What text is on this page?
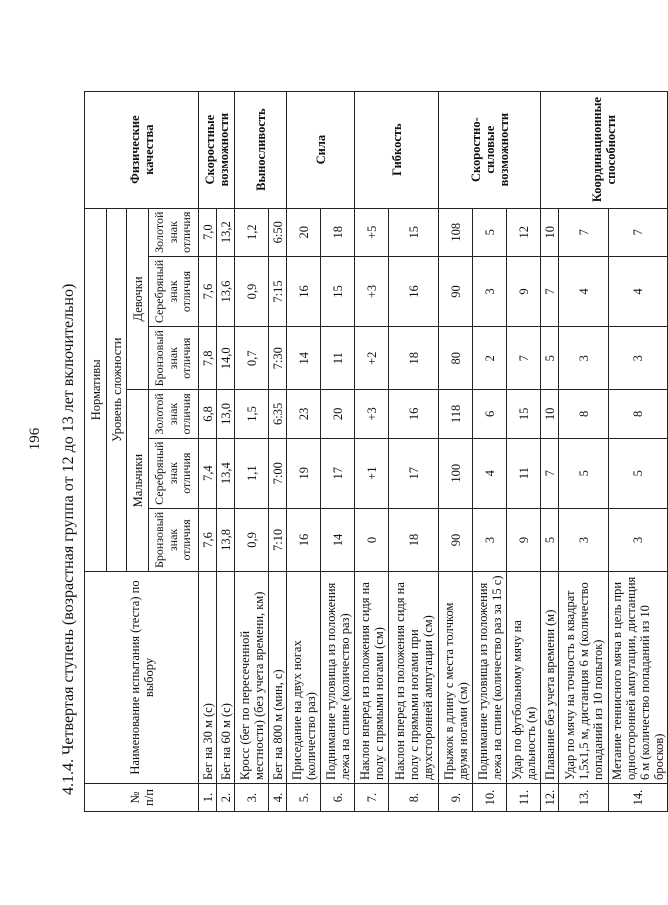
196 4.1.4. Четвертая ступень (возрастная группа от 12 до 13 лет включительно)
№ п/п	Наименование испытания (теста) по выбору	Нормативы						Физические качества
		Уровень сложности						
		Мальчики			Девочки			
		Бронзовый знак отличия	Серебряный знак отличия	Золотой знак отличия	Бронзовый знак отличия	Серебряный знак отличия	Золотой знак отличия	
1.	Бег на 30 м (с)	7,6	7,4	6,8	7,8	7,6	7,0	Скоростные возможности
2.	Бег на 60 м (с)	13,8	13,4	13,0	14,0	13,6	13,2	
3.	Кросс (бег по пересеченной местности) (без учета времени, км)	0,9	1,1	1,5	0,7	0,9	1,2	Выносливость
4.	Бег на 800 м (мин, с)	7:10	7:00	6:35	7:30	7:15	6:50	
5.	Приседание на двух ногах (количество раз)	16	19	23	14	16	20	Сила
6.	Поднимание туловища из положения лежа на спине (количество раз)	14	17	20	11	15	18	
7.	Наклон вперед из положения сидя на полу с прямыми ногами (см)	0	+1	+3	+2	+3	+5	Гибкость
8.	Наклон вперед из положения сидя на полу с прямыми ногами при двухсторонней ампутации (см)	18	17	16	18	16	15	
9.	Прыжок в длину с места толчком двумя ногами (см)	90	100	118	80	90	108	Скоростно-силовые возможности
10.	Поднимание туловища из положения лежа на спине (количество раз за 15 с)	3	4	6	2	3	5	
11.	Удар по футбольному мячу на дальность (м)	9	11	15	7	9	12	
12.	Плавание без учета времени (м)	5	7	10	5	7	10	Координационные способности
13.	Удар по мячу на точность в квадрат 1,5х1,5 м, дистанция 6 м (количество попаданий из 10 попыток)	3	5	8	3	4	7	
14.	Метание теннисного мяча в цель при односторонней ампутации, дистанция 6 м (количество попаданий из 10 бросков)	3	5	8	3	4	7	
